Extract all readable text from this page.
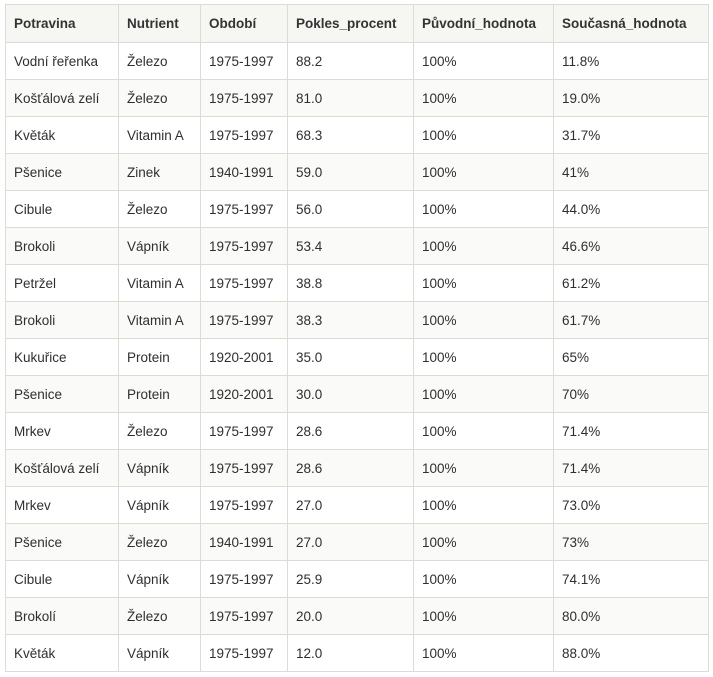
Potravina	Nutrient	Období	Pokles_procent	Původní_hodnota	Současná_hodnota
Vodní řeřenka	Železo	1975-1997	88.2	100%	11.8%
Košťálová zelí	Železo	1975-1997	81.0	100%	19.0%
Květák	Vitamin A	1975-1997	68.3	100%	31.7%
Pšenice	Zinek	1940-1991	59.0	100%	41%
Cibule	Železo	1975-1997	56.0	100%	44.0%
Brokoli	Vápník	1975-1997	53.4	100%	46.6%
Petržel	Vitamin A	1975-1997	38.8	100%	61.2%
Brokoli	Vitamin A	1975-1997	38.3	100%	61.7%
Kukuřice	Protein	1920-2001	35.0	100%	65%
Pšenice	Protein	1920-2001	30.0	100%	70%
Mrkev	Železo	1975-1997	28.6	100%	71.4%
Košťálová zelí	Vápník	1975-1997	28.6	100%	71.4%
Mrkev	Vápník	1975-1997	27.0	100%	73.0%
Pšenice	Železo	1940-1991	27.0	100%	73%
Cibule	Vápník	1975-1997	25.9	100%	74.1%
Brokolí	Železo	1975-1997	20.0	100%	80.0%
Květák	Vápník	1975-1997	12.0	100%	88.0%
